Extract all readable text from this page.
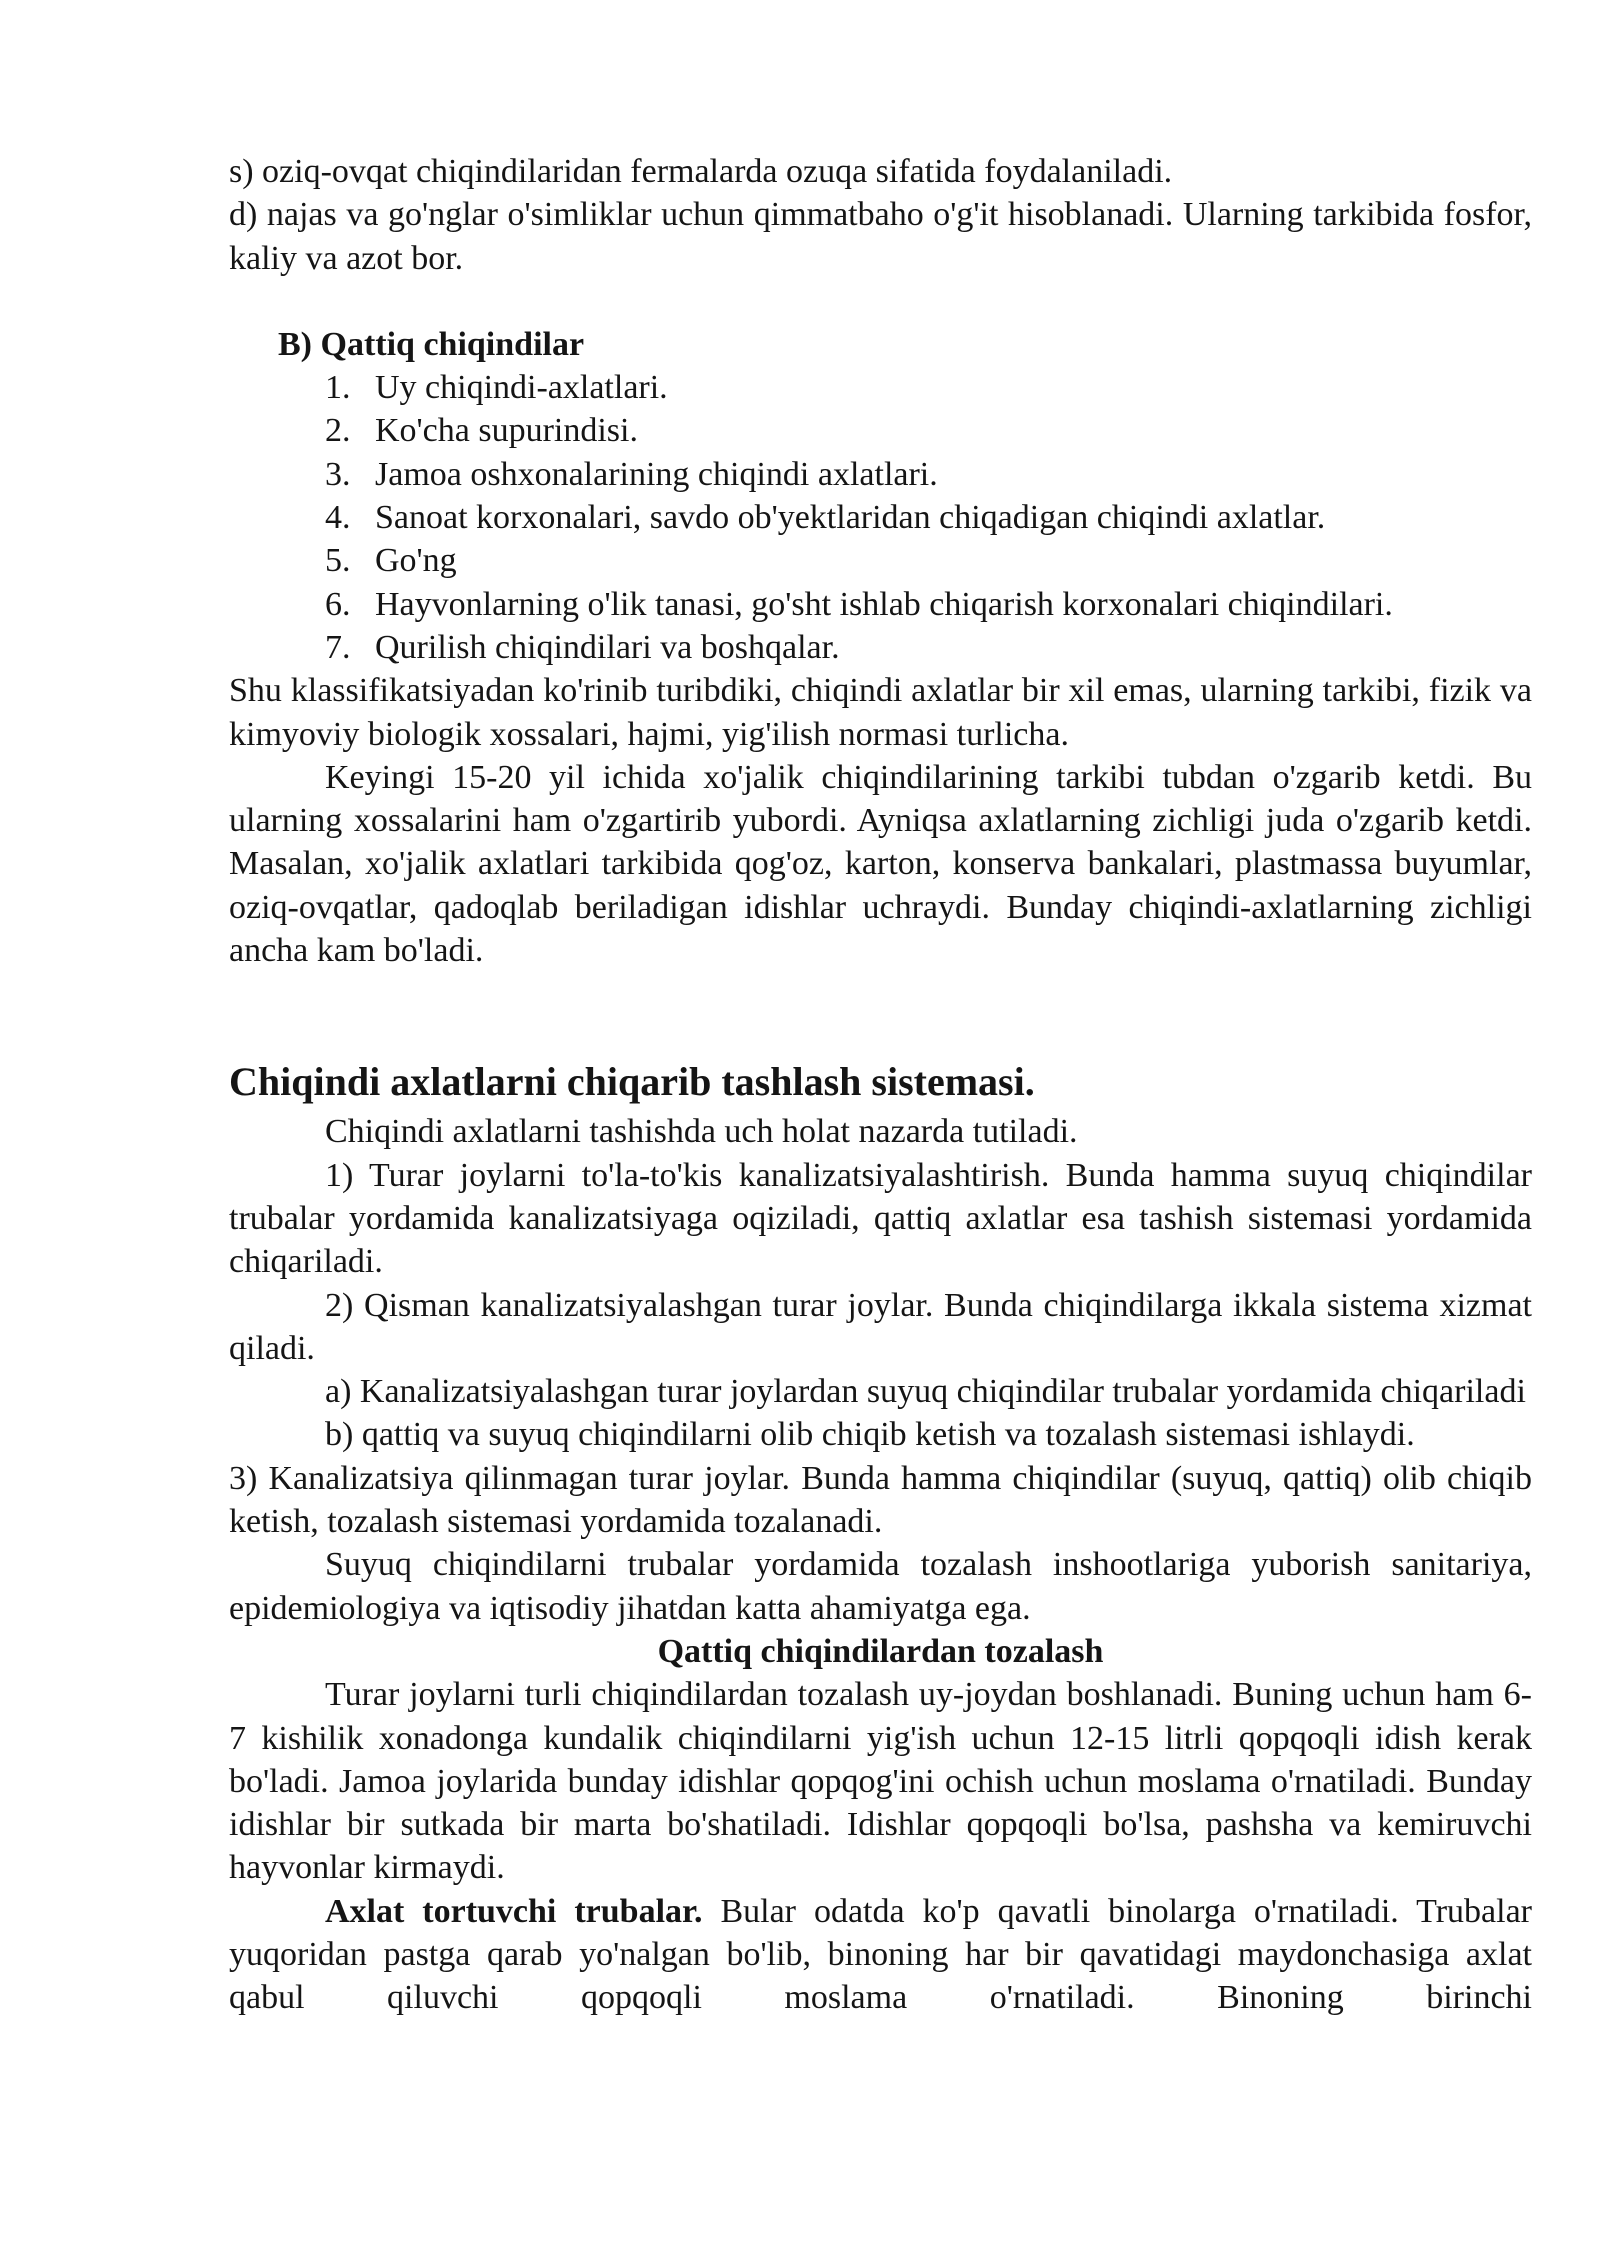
s) oziq-ovqat chiqindilaridan fermalarda ozuqa sifatida foydalaniladi.

d) najas va go'nglar o'simliklar uchun qimmatbaho o'g'it hisoblanadi. Ularning tarkibida fosfor, kaliy va azot bor.

B) Qattiq chiqindilar

1. Uy chiqindi-axlatlari.
2. Ko'cha supurindisi.
3. Jamoa oshxonalarining chiqindi axlatlari.
4. Sanoat korxonalari, savdo ob'yektlaridan chiqadigan chiqindi axlatlar.
5. Go'ng
6. Hayvonlarning o'lik tanasi, go'sht ishlab chiqarish korxonalari chiqindilari.
7. Qurilish chiqindilari va boshqalar.

Shu klassifikatsiyadan ko'rinib turibdiki, chiqindi axlatlar bir xil emas, ularning tarkibi, fizik va kimyoviy biologik xossalari, hajmi, yig'ilish normasi turlicha.

Keyingi 15-20 yil ichida xo'jalik chiqindilarining tarkibi tubdan o'zgarib ketdi. Bu ularning xossalarini ham o'zgartirib yubordi. Ayniqsa axlatlarning zichligi juda o'zgarib ketdi. Masalan, xo'jalik axlatlari tarkibida qog'oz, karton, konserva bankalari, plastmassa buyumlar, oziq-ovqatlar, qadoqlab beriladigan idishlar uchraydi. Bunday chiqindi-axlatlarning zichligi ancha kam bo'ladi.

Chiqindi axlatlarni chiqarib tashlash sistemasi.

Chiqindi axlatlarni tashishda uch holat nazarda tutiladi.

1) Turar joylarni to'la-to'kis kanalizatsiyalashtirish. Bunda hamma suyuq chiqindilar trubalar yordamida kanalizatsiyaga oqiziladi, qattiq axlatlar esa tashish sistemasi yordamida chiqariladi.

2) Qisman kanalizatsiyalashgan turar joylar. Bunda chiqindilarga ikkala sistema xizmat qiladi.

a) Kanalizatsiyalashgan turar joylardan suyuq chiqindilar trubalar yordamida chiqariladi

b) qattiq va suyuq chiqindilarni olib chiqib ketish va tozalash sistemasi ishlaydi.

3) Kanalizatsiya qilinmagan turar joylar. Bunda hamma chiqindilar (suyuq, qattiq) olib chiqib ketish, tozalash sistemasi yordamida tozalanadi.

Suyuq chiqindilarni trubalar yordamida tozalash inshootlariga yuborish sanitariya, epidemiologiya va iqtisodiy jihatdan katta ahamiyatga ega.

Qattiq chiqindilardan tozalash

Turar joylarni turli chiqindilardan tozalash uy-joydan boshlanadi. Buning uchun ham 6-7 kishilik xonadonga kundalik chiqindilarni yig'ish uchun 12-15 litrli qopqoqli idish kerak bo'ladi. Jamoa joylarida bunday idishlar qopqog'ini ochish uchun moslama o'rnatiladi. Bunday idishlar bir sutkada bir marta bo'shatiladi. Idishlar qopqoqli bo'lsa, pashsha va kemiruvchi hayvonlar kirmaydi.

Axlat tortuvchi trubalar. Bular odatda ko'p qavatli binolarga o'rnatiladi. Trubalar yuqoridan pastga qarab yo'nalgan bo'lib, binoning har bir qavatidagi maydonchasiga axlat qabul qiluvchi qopqoqli moslama o'rnatiladi. Binoning birinchi
